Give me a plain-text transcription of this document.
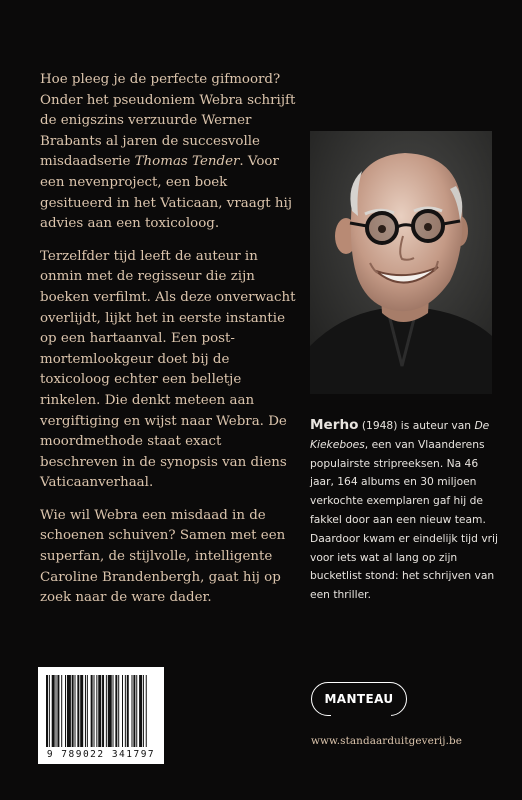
Hoe pleeg je de perfecte gifmoord? Onder het pseudoniem Webra schrijft de enigszins verzuurde Werner Brabants al jaren de succesvolle misdaadserie Thomas Tender. Voor een nevenproject, een boek gesitueerd in het Vaticaan, vraagt hij advies aan een toxicoloog.

Terzelfder tijd leeft de auteur in onmin met de regisseur die zijn boeken verfilmt. Als deze onverwacht overlijdt, lijkt het in eerste instantie op een hartaanval. Een post-mortemlookgeur doet bij de toxicoloog echter een belletje rinkelen. Die denkt meteen aan vergiftiging en wijst naar Webra. De moordmethode staat exact beschreven in de synopsis van diens Vaticaanverhaal.

Wie wil Webra een misdaad in de schoenen schuiven? Samen met een superfan, de stijlvolle, intelligente Caroline Brandenbergh, gaat hij op zoek naar de ware dader.

Merho (1948) is auteur van De Kiekeboes, een van Vlaanderens populairste stripreeksen. Na 46 jaar, 164 albums en 30 miljoen verkochte exemplaren gaf hij de fakkel door aan een nieuw team. Daardoor kwam er eindelijk tijd vrij voor iets wat al lang op zijn bucketlist stond: het schrijven van een thriller.
9 789022 341797
MANTEAU
www.standaarduitgeverij.be
